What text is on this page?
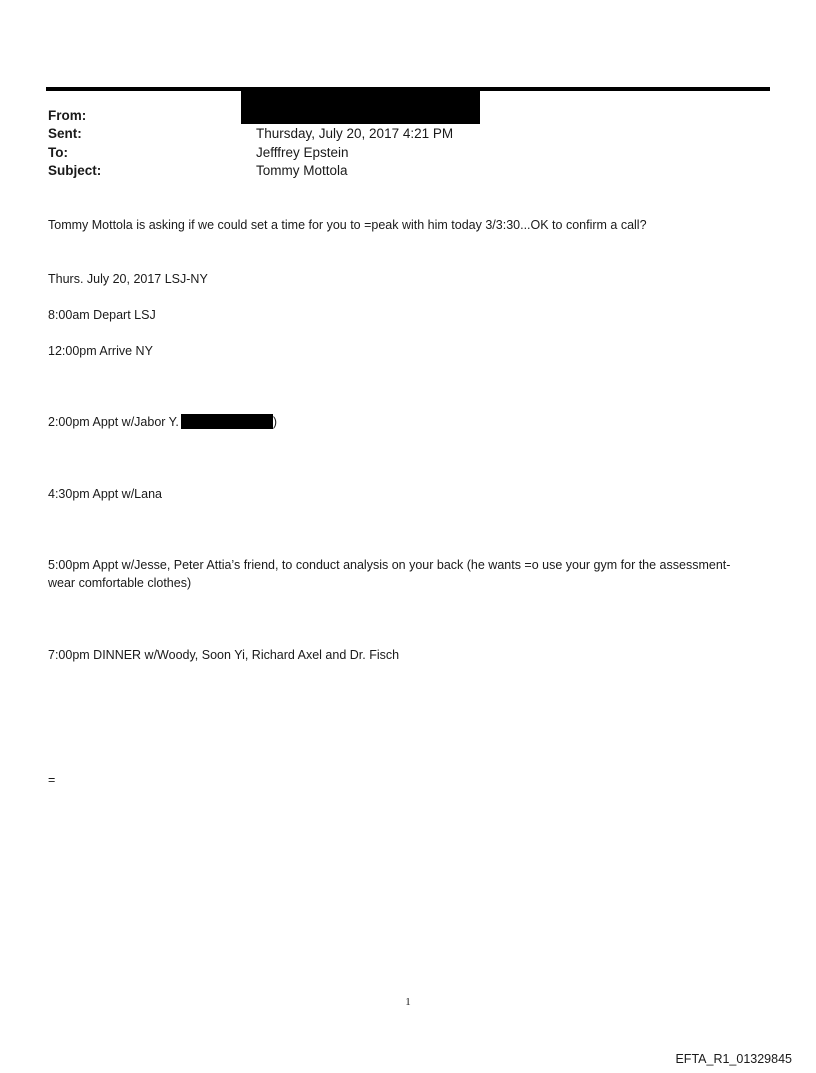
From:
Sent:	Thursday, July 20, 2017 4:21 PM
To:	Jefffrey Epstein
Subject:	Tommy Mottola
Tommy Mottola is asking if we could set a time for you to =peak with him today 3/3:30...OK to confirm a call?
Thurs. July 20, 2017 LSJ-NY
8:00am Depart LSJ
12:00pm Arrive NY
2:00pm Appt w/Jabor Y.	)
4:30pm Appt w/Lana
5:00pm Appt w/Jesse, Peter Attia’s friend, to conduct analysis on your back (he wants =o use your gym for the assessment-wear comfortable clothes)
7:00pm DINNER w/Woody, Soon Yi, Richard Axel and Dr. Fisch
=
1
EFTA_R1_01329845
